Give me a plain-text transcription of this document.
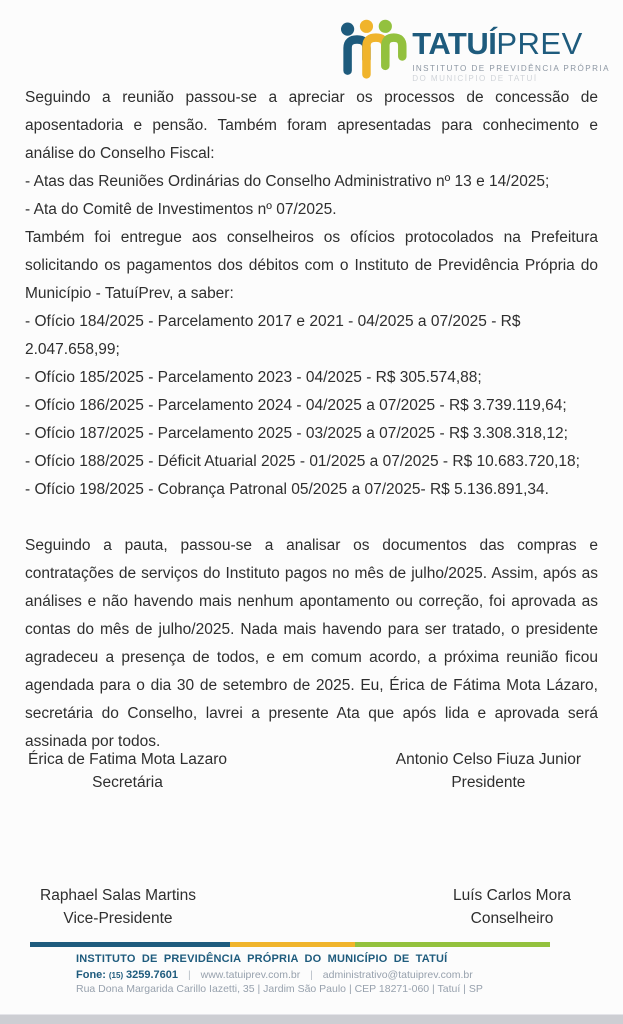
TATUÍPREV
INSTITUTO DE PREVIDÊNCIA PRÓPRIA
DO MUNICÍPIO DE TATUÍ

Seguindo a reunião passou-se a apreciar os processos de concessão de aposentadoria e pensão. Também foram apresentadas para conhecimento e análise do Conselho Fiscal:

- Atas das Reuniões Ordinárias do Conselho Administrativo nº 13 e 14/2025;
- Ata do Comitê de Investimentos nº 07/2025.

Também foi entregue aos conselheiros os ofícios protocolados na Prefeitura solicitando os pagamentos dos débitos com o Instituto de Previdência Própria do Município - TatuíPrev, a saber:

- Ofício 184/2025 - Parcelamento 2017 e 2021 - 04/2025 a 07/2025 - R$ 2.047.658,99;
- Ofício 185/2025 - Parcelamento 2023 - 04/2025 - R$ 305.574,88;
- Ofício 186/2025 - Parcelamento 2024 - 04/2025 a 07/2025 - R$ 3.739.119,64;
- Ofício 187/2025 - Parcelamento 2025 - 03/2025 a 07/2025 - R$ 3.308.318,12;
- Ofício 188/2025 - Déficit Atuarial 2025 - 01/2025 a 07/2025 - R$ 10.683.720,18;
- Ofício 198/2025 - Cobrança Patronal 05/2025 a 07/2025- R$ 5.136.891,34.

Seguindo a pauta, passou-se a analisar os documentos das compras e contratações de serviços do Instituto pagos no mês de julho/2025. Assim, após as análises e não havendo mais nenhum apontamento ou correção, foi aprovada as contas do mês de julho/2025. Nada mais havendo para ser tratado, o presidente agradeceu a presença de todos, e em comum acordo, a próxima reunião ficou agendada para o dia 30 de setembro de 2025. Eu, Érica de Fátima Mota Lázaro, secretária do Conselho, lavrei a presente Ata que após lida e aprovada será assinada por todos.

Érica de Fatima Mota Lazaro
Secretária
Antonio Celso Fiuza Junior
Presidente
Raphael Salas Martins
Vice-Presidente
Luís Carlos Mora
Conselheiro
INSTITUTO DE PREVIDÊNCIA PRÓPRIA DO MUNICÍPIO DE TATUÍ
Fone: (15) 3259.7601 | www.tatuiprev.com.br | administrativo@tatuiprev.com.br
Rua Dona Margarida Carillo Iazetti, 35 | Jardim São Paulo | CEP 18271-060 | Tatuí | SP
